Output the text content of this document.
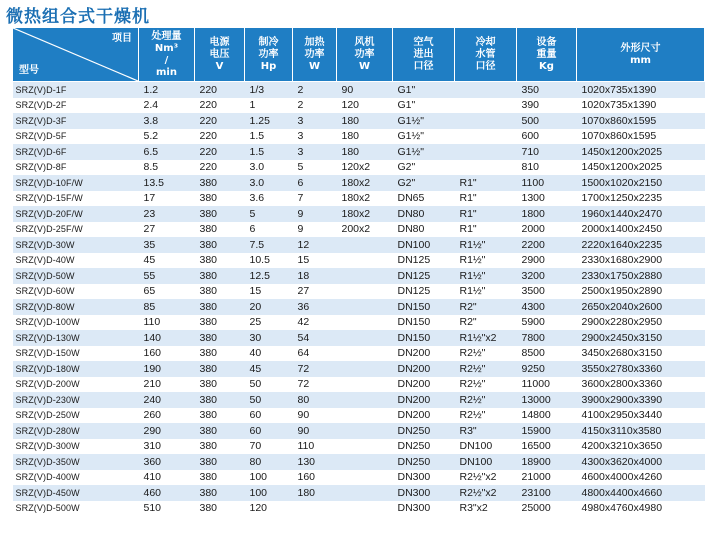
微热组合式干燥机
项目
型号	处理量
Nm³
/
min	电源
电压
V	制冷
功率
Hp	加热
功率
W	风机
功率
W	空气
进出
口径	冷却
水管
口径	设备
重量
Kg	外形尺寸
mm

SRZ(V)D-1F	1.2	220	1/3	2	90	G1"		350	1020x735x1390
SRZ(V)D-2F	2.4	220	1	2	120	G1"		390	1020x735x1390
SRZ(V)D-3F	3.8	220	1.25	3	180	G1½"		500	1070x860x1595
SRZ(V)D-5F	5.2	220	1.5	3	180	G1½"		600	1070x860x1595
SRZ(V)D-6F	6.5	220	1.5	3	180	G1½"		710	1450x1200x2025
SRZ(V)D-8F	8.5	220	3.0	5	120x2	G2"		810	1450x1200x2025
SRZ(V)D-10F/W	13.5	380	3.0	6	180x2	G2"	R1"	1100	1500x1020x2150
SRZ(V)D-15F/W	17	380	3.6	7	180x2	DN65	R1"	1300	1700x1250x2235
SRZ(V)D-20F/W	23	380	5	9	180x2	DN80	R1"	1800	1960x1440x2470
SRZ(V)D-25F/W	27	380	6	9	200x2	DN80	R1"	2000	2000x1400x2450
SRZ(V)D-30W	35	380	7.5	12		DN100	R1½"	2200	2220x1640x2235
SRZ(V)D-40W	45	380	10.5	15		DN125	R1½"	2900	2330x1680x2900
SRZ(V)D-50W	55	380	12.5	18		DN125	R1½"	3200	2330x1750x2880
SRZ(V)D-60W	65	380	15	27		DN125	R1½"	3500	2500x1950x2890
SRZ(V)D-80W	85	380	20	36		DN150	R2"	4300	2650x2040x2600
SRZ(V)D-100W	110	380	25	42		DN150	R2"	5900	2900x2280x2950
SRZ(V)D-130W	140	380	30	54		DN150	R1½"x2	7800	2900x2450x3150
SRZ(V)D-150W	160	380	40	64		DN200	R2½"	8500	3450x2680x3150
SRZ(V)D-180W	190	380	45	72		DN200	R2½"	9250	3550x2780x3360
SRZ(V)D-200W	210	380	50	72		DN200	R2½"	11000	3600x2800x3360
SRZ(V)D-230W	240	380	50	80		DN200	R2½"	13000	3900x2900x3390
SRZ(V)D-250W	260	380	60	90		DN200	R2½"	14800	4100x2950x3440
SRZ(V)D-280W	290	380	60	90		DN250	R3"	15900	4150x3110x3580
SRZ(V)D-300W	310	380	70	110		DN250	DN100	16500	4200x3210x3650
SRZ(V)D-350W	360	380	80	130		DN250	DN100	18900	4300x3620x4000
SRZ(V)D-400W	410	380	100	160		DN300	R2½"x2	21000	4600x4000x4260
SRZ(V)D-450W	460	380	100	180		DN300	R2½"x2	23100	4800x4400x4660
SRZ(V)D-500W	510	380	120			DN300	R3"x2	25000	4980x4760x4980
